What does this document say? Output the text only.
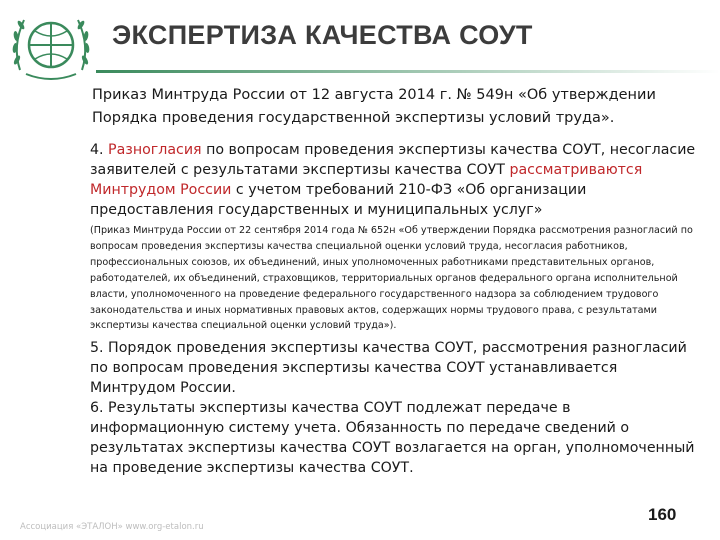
ЭКСПЕРТИЗА КАЧЕСТВА СОУТ
Приказ Минтруда России от 12 августа 2014 г. № 549н «Об утверждении Порядка проведения государственной экспертизы условий труда».

4. Разногласия по вопросам проведения экспертизы качества СОУТ, несогласие заявителей с результатами экспертизы качества СОУТ рассматриваются Минтрудом России с учетом требований 210-ФЗ «Об организации предоставления государственных и муниципальных услуг»

(Приказ Минтруда России от 22 сентября 2014 года № 652н «Об утверждении Порядка рассмотрения разногласий по вопросам проведения экспертизы качества специальной оценки условий труда, несогласия работников, профессиональных союзов, их объединений, иных уполномоченных работниками представительных органов, работодателей, их объединений, страховщиков, территориальных органов федерального органа исполнительной власти, уполномоченного на проведение федерального государственного надзора за соблюдением трудового законодательства и иных нормативных правовых актов, содержащих нормы трудового права, с результатами экспертизы качества специальной оценки условий труда»).

5. Порядок проведения экспертизы качества СОУТ, рассмотрения разногласий по вопросам проведения экспертизы качества СОУТ устанавливается Минтрудом России.

6. Результаты экспертизы качества СОУТ подлежат передаче в информационную систему учета. Обязанность по передаче сведений о результатах экспертизы качества СОУТ возлагается на орган, уполномоченный на проведение экспертизы качества СОУТ.

Ассоциация «ЭТАЛОН» www.org-etalon.ru
160
